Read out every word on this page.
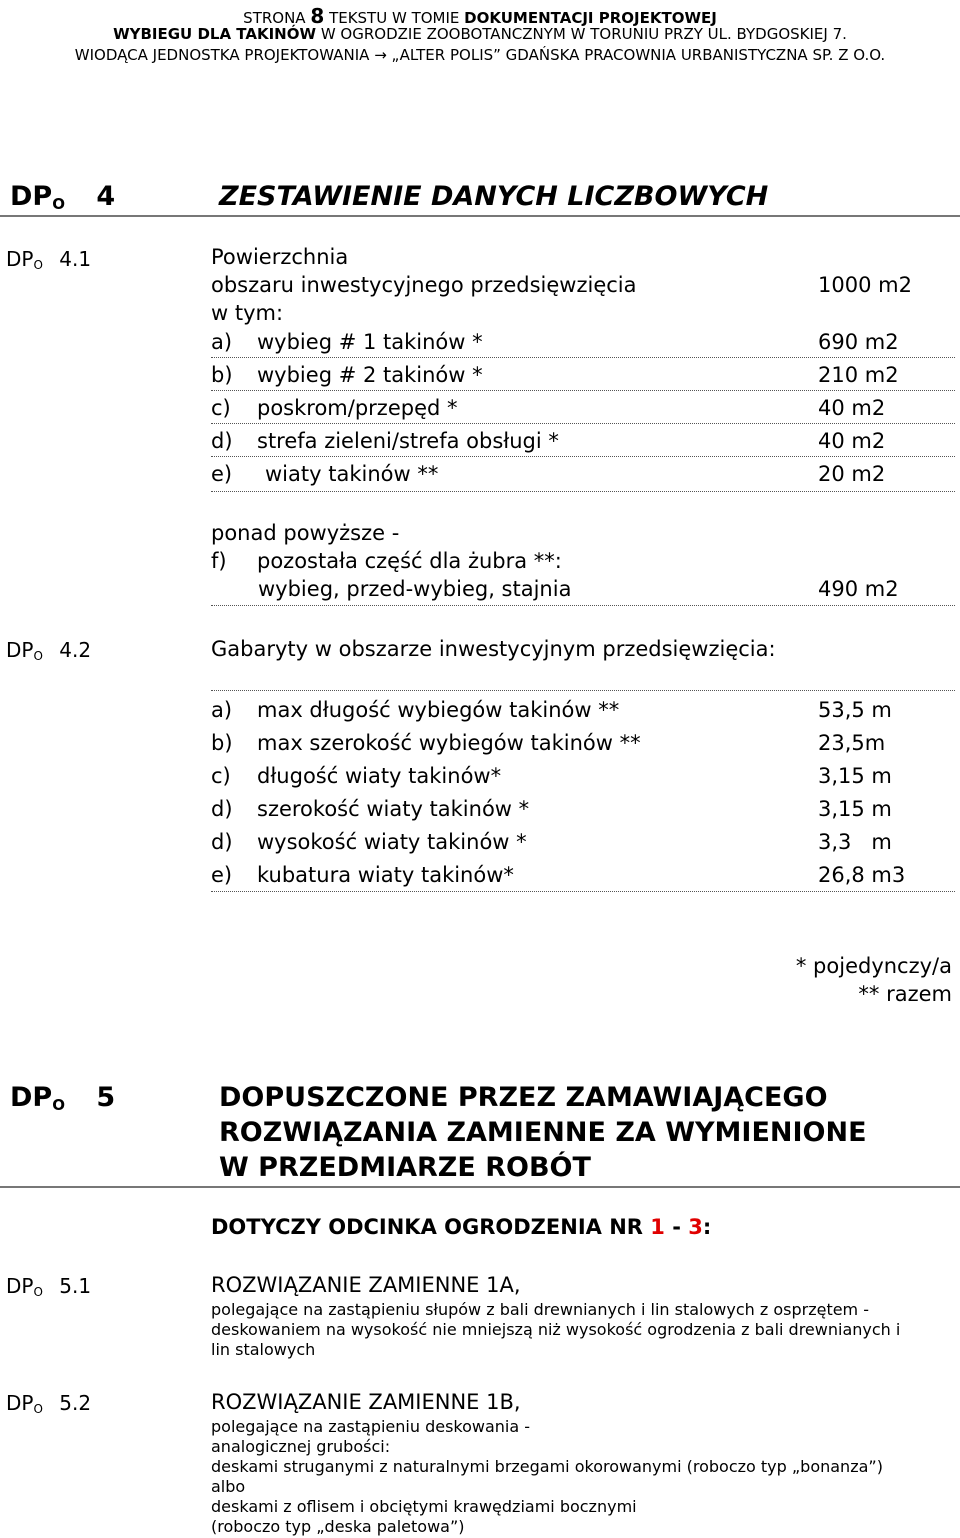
STRONA 8 TEKSTU W TOMIE DOKUMENTACJI PROJEKTOWEJ
WYBIEGU DLA TAKINÓW W OGRODZIE ZOOBOTANCZNYM W TORUNIU PRZY UL. BYDGOSKIEJ 7.
WIODĄCA JEDNOSTKA PROJEKTOWANIA → „ALTER POLIS” GDAŃSKA PRACOWNIA URBANISTYCZNA SP. Z O.O.
$DP_O$ 4	ZESTAWIENIE DANYCH LICZBOWYCH
$DP_O$ 4.1	Powierzchnia
obszaru inwestycyjnego przedsięwzięcia	1000 m2
w tym:
a) wybieg # 1 takinów *	690 m2
b) wybieg # 2 takinów *	210 m2
c) poskrom/przepęd *	40 m2
d) strefa zieleni/strefa obsługi *	40 m2
e) wiaty takinów **	20 m2
ponad powyższe -
f) pozostała część dla żubra **:
wybieg, przed-wybieg, stajnia	490 m2
$DP_O$ 4.2	Gabaryty w obszarze inwestycyjnym przedsięwzięcia:
a) max długość wybiegów takinów **	53,5 m
b) max szerokość wybiegów takinów **	23,5m
c) długość wiaty takinów*	3,15 m
d) szerokość wiaty takinów *	3,15 m
d) wysokość wiaty takinów *	3,3   m
e) kubatura wiaty takinów*	26,8 m3
* pojedynczy/a
** razem
$DP_O$ 5	DOPUSZCZONE PRZEZ ZAMAWIAJĄCEGO
ROZWIĄZANIA ZAMIENNE ZA WYMIENIONE
W PRZEDMIARZE ROBÓT
DOTYCZY ODCINKA OGRODZENIA NR 1 - 3:
$DP_O$ 5.1	ROZWIĄZANIE ZAMIENNE 1A,
polegające na zastąpieniu słupów z bali drewnianych i lin stalowych z osprzętem -
deskowaniem na wysokość nie mniejszą niż wysokość ogrodzenia z bali drewnianych i
lin stalowych
$DP_O$ 5.2	ROZWIĄZANIE ZAMIENNE 1B,
polegające na zastąpieniu deskowania -
analogicznej grubości:
deskami struganymi z naturalnymi brzegami okorowanymi (roboczo typ „bonanza”)
albo
deskami z oflisem i obciętymi krawędziami bocznymi
(roboczo typ „deska paletowa”)
